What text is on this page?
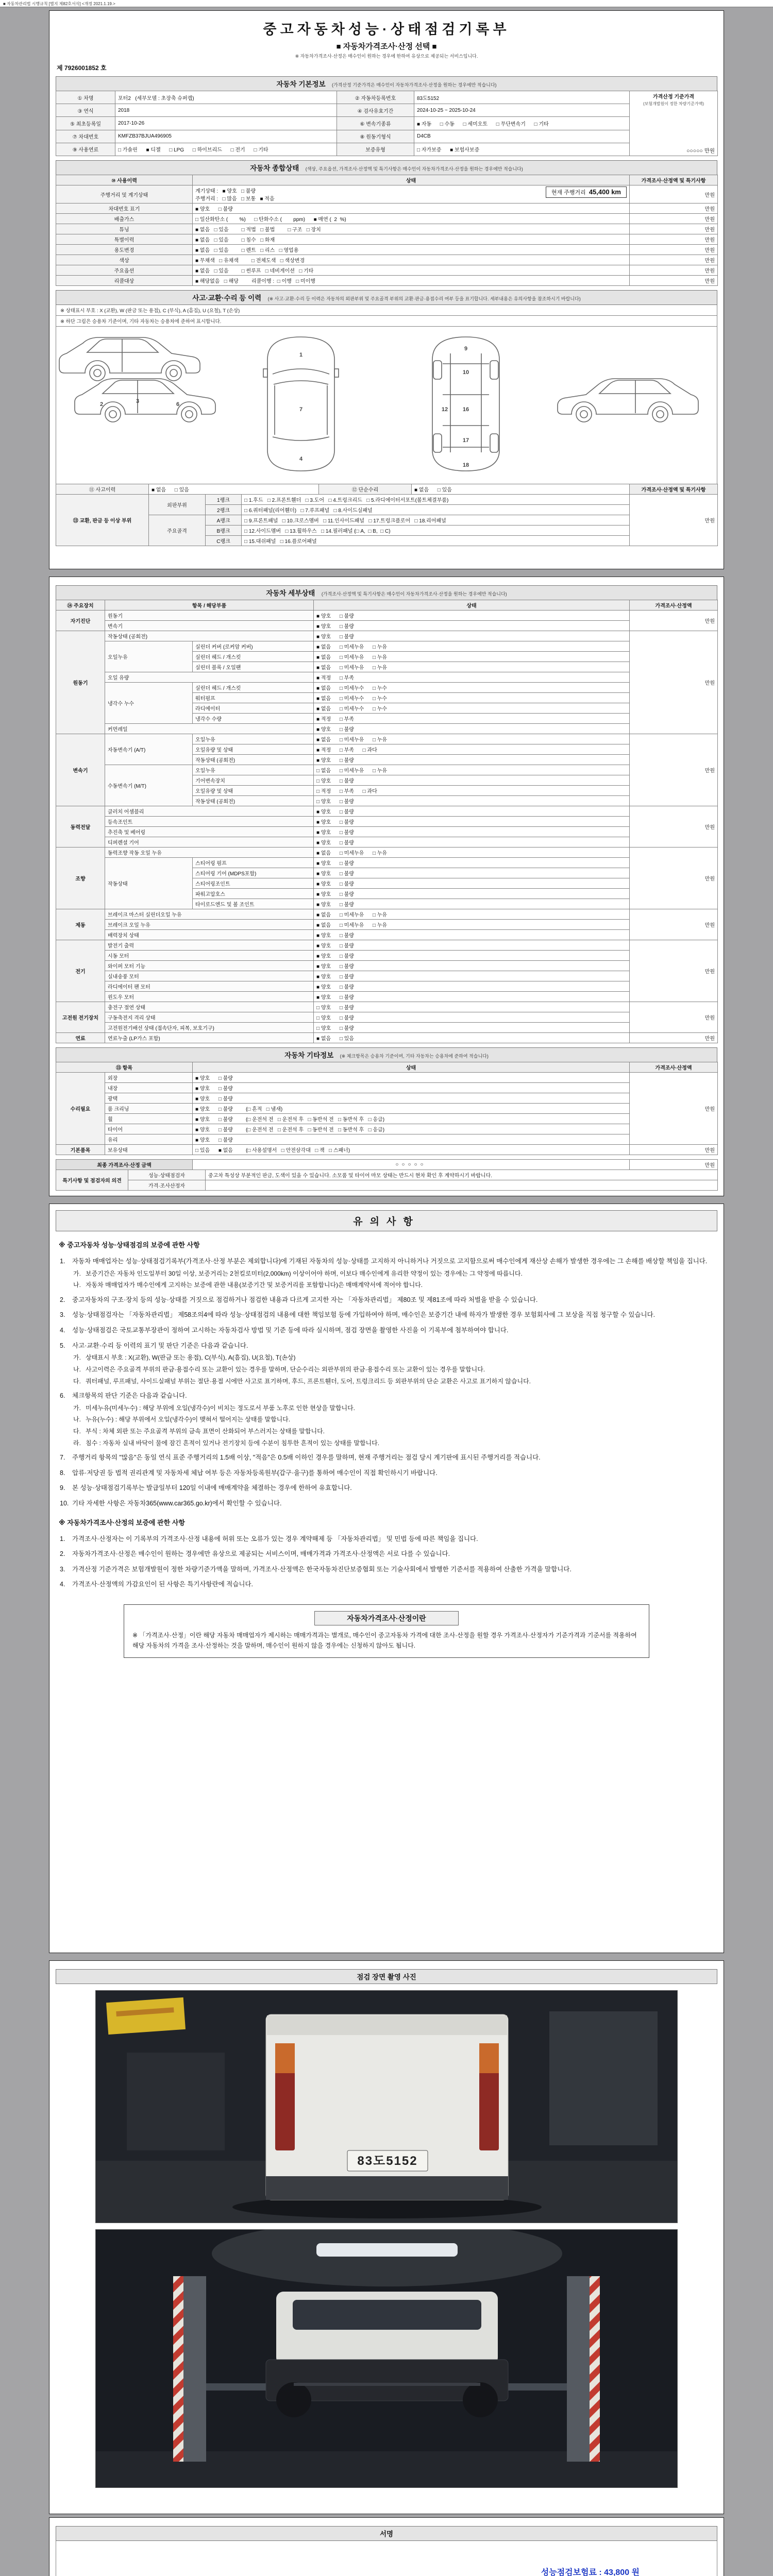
■ 자동차관리법 시행규칙 [별지 제82호서식] <개정 2021.1.19.>
중고자동차성능·상태점검기록부
■ 자동차가격조사·산정 선택 ■
※ 자동차가격조사·산정은 매수인이 원하는 경우에 한하여 유상으로 제공되는 서비스입니다.
제 7926001852 호
자동차 기본정보 (가격산정 기준가격은 매수인이 자동차가격조사·산정을 원하는 경우에만 적습니다)
① 차명	포터2   (세부모델 : 초장축 슈퍼캡)	② 자동차등록번호	83도5152	가격산정 기준가격
(보험개발원이 정한 차량기준가액)
○○○○○ 만원

③ 연식	2018	④ 검사유효기간	2024-10-25 ~ 2025-10-24	
⑤ 최초등록일	2017-10-26	⑥ 변속기종류	■ 자동      □ 수동      □ 세미오토      □ 무단변속기      □ 기타	
⑦ 차대번호	KMFZB37BJUA496905	⑧ 원동기형식	D4CB	
⑨ 사용연료	□ 가솔린      ■ 디젤      □ LPG      □ 하이브리드      □ 전기      □ 기타	보증유형	□ 자가보증      ■ 보험사보증	
자동차 종합상태 (색상, 주요옵션, 가격조사·산정액 및 특기사항은 매수인이 자동차가격조사·산정을 원하는 경우에만 적습니다)
⑩ 사용이력	상태	가격조사·산정액 및 특기사항
주행거리 및 계기상태	현재 주행거리  45,400 km
계기상태 :   ■ 양호   □ 불량
주행거리 :   □ 많음   □ 보통   ■ 적음	만원
차대번호 표기	■ 양호      □ 불량	만원
배출가스	□ 일산화탄소 (        %)      □ 탄화수소 (        ppm)      ■ 매연 (  2  %)	만원
튜닝	■ 없음   □ 있음         □ 적법   □ 불법         □ 구조   □ 장치	만원
특별이력	■ 없음   □ 있음         □ 침수   □ 화재	만원
용도변경	■ 없음   □ 있음         □ 렌트   □ 리스   □ 영업용	만원
색상	■ 무채색   □ 유채색         □ 전체도색   □ 색상변경	만원
주요옵션	■ 없음   □ 있음         □ 썬루프   □ 네비게이션   □ 기타	만원
리콜대상	■ 해당없음   □ 해당         리콜이행 :  □ 이행   □ 미이행	만원
사고·교환·수리 등 이력 (※ 사고·교환·수리 등 이력은 자동차의 외판부위 및 주요골격 부위의 교환·판금·용접수리 여부 등을 표기합니다. 세부내용은 유의사항을 참조하시기 바랍니다)
※ 상태표시 부호 : X (교환), W (판금 또는 용접), C (부식), A (흠집), U (요철), T (손상)
※ 하단 그림은 승용차 기준이며, 기타 자동차는 승용차에 준하여 표시합니다.
2	3	6
1
7
4
9
10
12	16
17
18
⑪ 사고이력	■ 없음      □ 있음	⑫ 단순수리	■ 없음      □ 있음	가격조사·산정액 및 특기사항
⑬ 교환, 판금 등 이상 부위	외판부위	1랭크	□ 1.후드   □ 2.프론트휀더   □ 3.도어   □ 4.트렁크리드   □ 5.라디에이터서포트(볼트체결부품)	만원
		2랭크	□ 6.쿼터패널(리어휀더)   □ 7.루프패널   □ 8.사이드실패널	
	주요골격	A랭크	□ 9.프론트패널   □ 10.크로스멤버   □ 11.인사이드패널   □ 17.트렁크플로어   □ 18.리어패널	
		B랭크	□ 12.사이드멤버   □ 13.휠하우스   □ 14.필러패널 (□ A,  □ B,  □ C)	
		C랭크	□ 15.대쉬패널   □ 16.플로어패널	
자동차 세부상태 (가격조사·산정액 및 특기사항은 매수인이 자동차가격조사·산정을 원하는 경우에만 적습니다)
⑭ 주요장치	항목 / 해당부품		상태	가격조사·산정액
자기진단	원동기		■ 양호      □ 불량	만원
	변속기		■ 양호      □ 불량	
원동기	작동상태 (공회전)		■ 양호      □ 불량	만원
	오일누유	실린더 커버 (로커암 커버)	■ 없음      □ 미세누유      □ 누유	
		실린더 헤드 / 개스킷	■ 없음      □ 미세누유      □ 누유	
		실린더 블록 / 오일팬	■ 없음      □ 미세누유      □ 누유	
	오일 유량		■ 적정      □ 부족	
	냉각수 누수	실린더 헤드 / 개스킷	■ 없음      □ 미세누수      □ 누수	
		워터펌프	■ 없음      □ 미세누수      □ 누수	
		라디에이터	■ 없음      □ 미세누수      □ 누수	
		냉각수 수량	■ 적정      □ 부족	
	커먼레일		■ 양호      □ 불량	
변속기	자동변속기 (A/T)	오일누유	■ 없음      □ 미세누유      □ 누유	만원
		오일유량 및 상태	■ 적정      □ 부족      □ 과다	
		작동상태 (공회전)	■ 양호      □ 불량	
	수동변속기 (M/T)	오일누유	□ 없음      □ 미세누유      □ 누유	
		기어변속장치	□ 양호      □ 불량	
		오일유량 및 상태	□ 적정      □ 부족      □ 과다	
		작동상태 (공회전)	□ 양호      □ 불량	
동력전달	클러치 어셈블리		■ 양호      □ 불량	만원
	등속조인트		■ 양호      □ 불량	
	추진축 및 베어링		■ 양호      □ 불량	
	디퍼렌셜 기어		■ 양호      □ 불량	
조향	동력조향 작동 오일 누유		■ 없음      □ 미세누유      □ 누유	만원
	작동상태	스티어링 펌프	■ 양호      □ 불량	
		스티어링 기어 (MDPS포함)	■ 양호      □ 불량	
		스티어링조인트	■ 양호      □ 불량	
		파워고압호스	■ 양호      □ 불량	
		타이로드엔드 및 볼 조인트	■ 양호      □ 불량	
제동	브레이크 마스터 실린더오일 누유		■ 없음      □ 미세누유      □ 누유	만원
	브레이크 오일 누유		■ 없음      □ 미세누유      □ 누유	
	배력장치 상태		■ 양호      □ 불량	
전기	발전기 출력		■ 양호      □ 불량	만원
	시동 모터		■ 양호      □ 불량	
	와이퍼 모터 기능		■ 양호      □ 불량	
	실내송풍 모터		■ 양호      □ 불량	
	라디에이터 팬 모터		■ 양호      □ 불량	
	윈도우 모터		■ 양호      □ 불량	
고전원 전기장치	충전구 절연 상태		□ 양호      □ 불량	만원
	구동축전지 격리 상태		□ 양호      □ 불량	
	고전원전기배선 상태 (접속단자, 피복, 보호기구)		□ 양호      □ 불량	
연료	연료누출 (LP가스 포함)		■ 없음      □ 있음	만원
자동차 기타정보 (※ 체크항목은 승용차 기준이며, 기타 자동차는 승용차에 준하여 적습니다)
⑮ 항목		상태	가격조사·산정액
수리필요	외장	■ 양호      □ 불량	만원
	내장	■ 양호      □ 불량	
	광택	■ 양호      □ 불량	
	룸 크리닝	■ 양호      □ 불량         (□ 흔적   □ 냄새)	
	휠	■ 양호      □ 불량         (□ 운전석 전   □ 운전석 후   □ 동반석 전   □ 동반석 후   □ 응급)	
	타이어	■ 양호      □ 불량         (□ 운전석 전   □ 운전석 후   □ 동반석 전   □ 동반석 후   □ 응급)	
	유리	■ 양호      □ 불량	
기본품목	보유상태	□ 있음      ■ 없음         (□ 사용설명서   □ 안전삼각대   □ 잭   □ 스패너)	만원
최종 가격조사·산정 금액	○○○○○	만원
특기사항 및 점검자의 의견	성능·상태점검자	중고차 특성상 부분적인 판금, 도색이 있을 수 있습니다. 소모품 및 타이어 마모 상태는 반드시 현차 확인 후 계약하시기 바랍니다.
	가격·조사산정자	
유의사항
※ 중고자동차 성능·상태점검의 보증에 관한 사항
1.	자동차 매매업자는 성능·상태점검기록부(가격조사·산정 부분은 제외합니다)에 기재된 자동차의 성능·상태를 고지하지 아니하거나 거짓으로 고지함으로써 매수인에게 재산상 손해가 발생한 경우에는 그 손해를 배상할 책임을 집니다.
가. 보증기간은 자동차 인도일부터 30일 이상, 보증거리는 2천킬로미터(2,000km) 이상이어야 하며, 이보다 매수인에게 유리한 약정이 있는 경우에는 그 약정에 따릅니다.
나. 자동차 매매업자가 매수인에게 고지하는 보증에 관한 내용(보증기간 및 보증거리를 포함합니다)은 매매계약서에 적어야 합니다.
2.	중고자동차의 구조·장치 등의 성능·상태를 거짓으로 점검하거나 점검한 내용과 다르게 고지한 자는 「자동차관리법」 제80조 및 제81조에 따라 처벌을 받을 수 있습니다.
3.	성능·상태점검자는 「자동차관리법」 제58조의4에 따라 성능·상태점검의 내용에 대한 책임보험 등에 가입하여야 하며, 매수인은 보증기간 내에 하자가 발생한 경우 보험회사에 그 보상을 직접 청구할 수 있습니다.
4.	성능·상태점검은 국토교통부장관이 정하여 고시하는 자동차검사 방법 및 기준 등에 따라 실시하며, 점검 장면을 촬영한 사진을 이 기록부에 첨부하여야 합니다.
5.	사고·교환·수리 등 이력의 표기 및 판단 기준은 다음과 같습니다.
가. 상태표시 부호 : X(교환), W(판금 또는 용접), C(부식), A(흠집), U(요철), T(손상)
나. 사고이력은 주요골격 부위의 판금·용접수리 또는 교환이 있는 경우를 말하며, 단순수리는 외판부위의 판금·용접수리 또는 교환이 있는 경우를 말합니다.
다. 쿼터패널, 루프패널, 사이드실패널 부위는 절단·용접 시에만 사고로 표기하며, 후드, 프론트휀더, 도어, 트렁크리드 등 외판부위의 단순 교환은 사고로 표기하지 않습니다.
6.	체크항목의 판단 기준은 다음과 같습니다.
가. 미세누유(미세누수) : 해당 부위에 오일(냉각수)이 비치는 정도로서 부품 노후로 인한 현상을 말합니다.
나. 누유(누수) : 해당 부위에서 오일(냉각수)이 맺혀서 떨어지는 상태를 말합니다.
다. 부식 : 차체 외판 또는 주요골격 부위의 금속 표면이 산화되어 부스러지는 상태를 말합니다.
라. 침수 : 자동차 실내 바닥이 물에 잠긴 흔적이 있거나 전기장치 등에 수분이 침투한 흔적이 있는 상태를 말합니다.
7.	주행거리 항목의 "많음"은 동일 연식 표준 주행거리의 1.5배 이상, "적음"은 0.5배 이하인 경우를 말하며, 현재 주행거리는 점검 당시 계기판에 표시된 주행거리를 적습니다.
8.	압류·저당권 등 법적 권리관계 및 자동차세 체납 여부 등은 자동차등록원부(갑구·을구)를 통하여 매수인이 직접 확인하시기 바랍니다.
9.	본 성능·상태점검기록부는 발급일부터 120일 이내에 매매계약을 체결하는 경우에 한하여 유효합니다.
10. 기타 자세한 사항은 자동차365(www.car365.go.kr)에서 확인할 수 있습니다.
※ 자동차가격조사·산정의 보증에 관한 사항
1.	가격조사·산정자는 이 기록부의 가격조사·산정 내용에 허위 또는 오류가 있는 경우 계약해제 등 「자동차관리법」 및 민법 등에 따른 책임을 집니다.
2.	자동차가격조사·산정은 매수인이 원하는 경우에만 유상으로 제공되는 서비스이며, 매매가격과 가격조사·산정액은 서로 다를 수 있습니다.
3.	가격산정 기준가격은 보험개발원이 정한 차량기준가액을 말하며, 가격조사·산정액은 한국자동차진단보증협회 또는 기술사회에서 발행한 기준서를 적용하여 산출한 가격을 말합니다.
4.	가격조사·산정액의 가감요인이 된 사항은 특기사항란에 적습니다.
자동차가격조사·산정이란
※ 「가격조사·산정」이란 해당 자동차 매매업자가 제시하는 매매가격과는 별개로, 매수인이 중고자동차 가격에 대한 조사·산정을 원할 경우 가격조사·산정자가 기준가격과 기준서를 적용하여 해당 자동차의 가격을 조사·산정하는 것을 말하며, 매수인이 원하지 않을 경우에는 신청하지 않아도 됩니다.
점검 장면 촬영 사진
83도5152
서명
성능점검보험료 : 43,800 원
